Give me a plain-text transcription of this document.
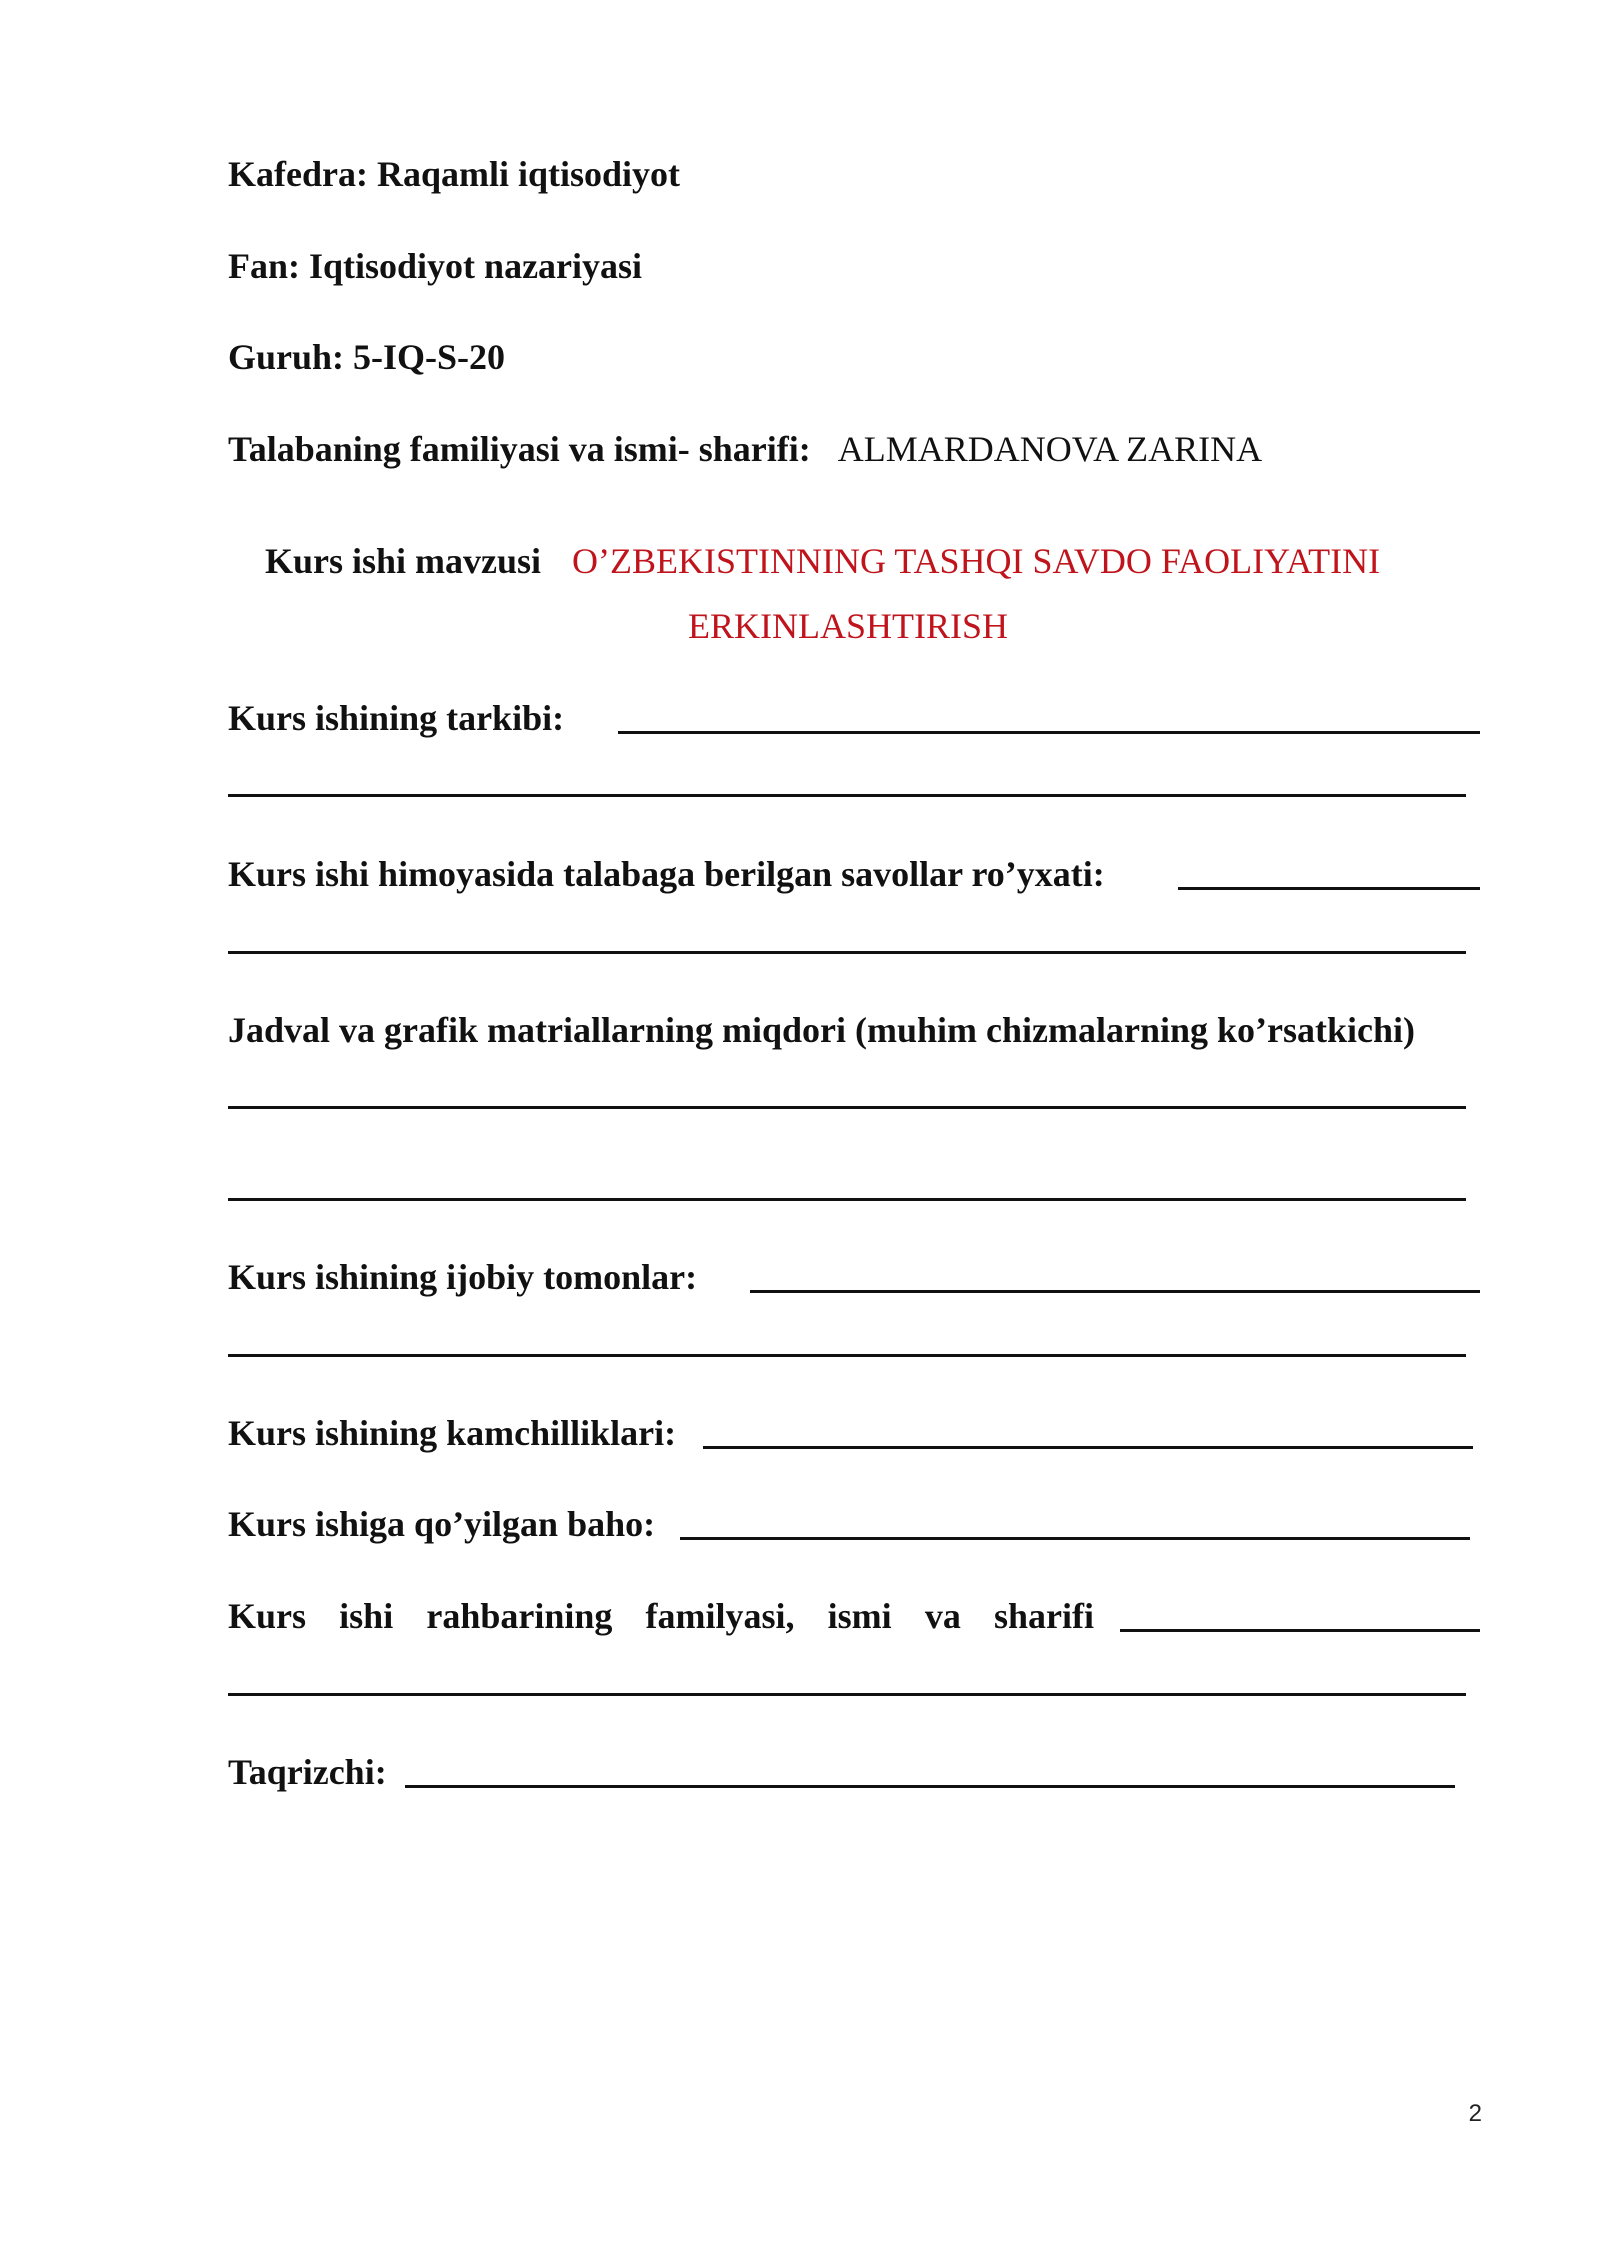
Kafedra: Raqamli iqtisodiyot
Fan: Iqtisodiyot nazariyasi
Guruh: 5-IQ-S-20
Talabaning familiyasi va ismi- sharifi: ALMARDANOVA ZARINA
Kurs ishi mavzusi O’ZBEKISTINNING TASHQI SAVDO FAOLIYATINI
ERKINLASHTIRISH
Kurs ishining tarkibi:
Kurs ishi himoyasida talabaga berilgan savollar ro’yxati:
Jadval va grafik matriallarning miqdori (muhim chizmalarning ko’rsatkichi)
Kurs ishining ijobiy tomonlar:
Kurs ishining kamchilliklari:
Kurs ishiga qo’yilgan baho:
Kurs ishi rahbarining familyasi, ismi va sharifi
Taqrizchi:
2
